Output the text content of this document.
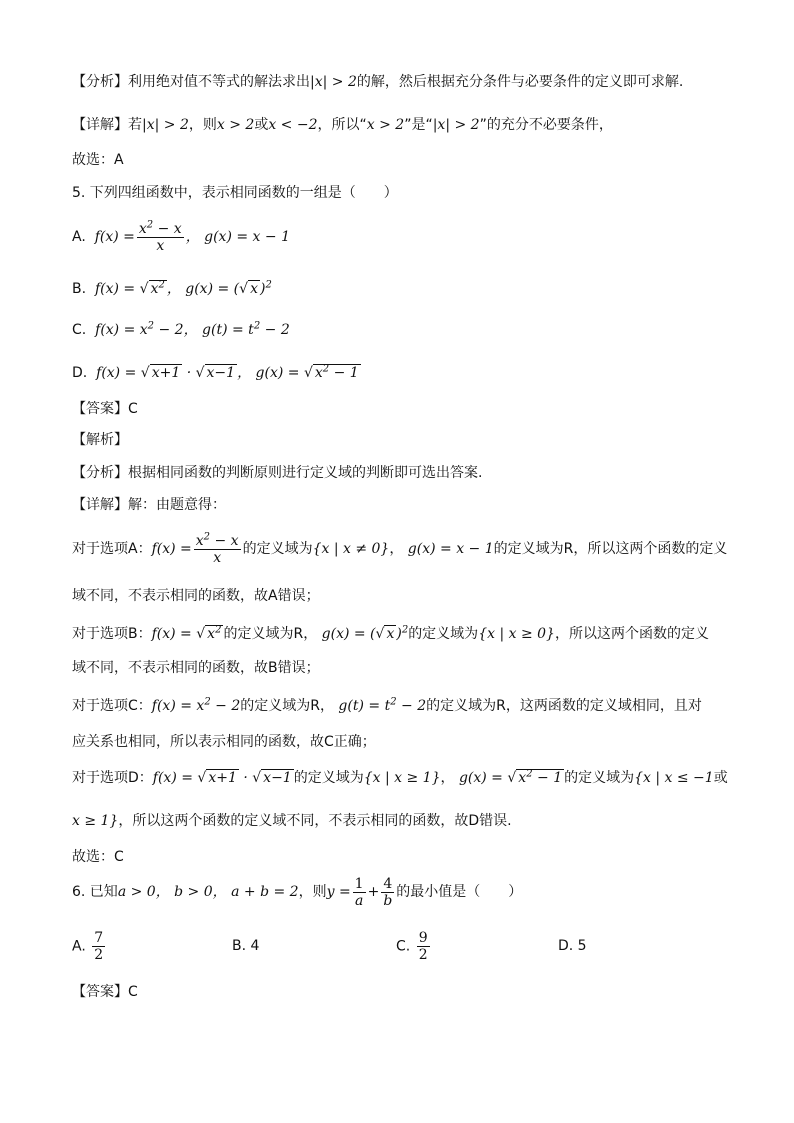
【分析】利用绝对值不等式的解法求出|x| > 2的解，然后根据充分条件与必要条件的定义即可求解.
【详解】若|x| > 2，则x > 2或x < −2，所以“x > 2”是“|x| > 2”的充分不必要条件，
故选：A
5. 下列四组函数中，表示相同函数的一组是（　　）
A. $f(x) = \frac{x^2 - x}{x}$ ， g(x) = x − 1
B. f(x) = √ $x^2$ ， g(x) = (√ x )$^2$
C. $f(x) = x^2 - 2$， $g(t) = t^2 - 2$
D. f(x) = √ x+1 · √ x−1 ， g(x) = √ $x^2 - 1$
【答案】C
【解析】
【分析】根据相同函数的判断原则进行定义域的判断即可选出答案.
【详解】解：由题意得：
对于选项A：$f(x) = \frac{x^2 - x}{x}$ 的定义域为{x | x ≠ 0}， g(x) = x − 1的定义域为R，所以这两个函数的定义
域不同，不表示相同的函数，故A错误；
对于选项B：f(x) = √ $x^2$ 的定义域为R， g(x) = (√ x )$^2$的定义域为{x | x ≥ 0}，所以这两个函数的定义
域不同，不表示相同的函数，故B错误；
对于选项C：$f(x) = x^2 - 2$的定义域为R， $g(t) = t^2 - 2$的定义域为R，这两函数的定义域相同，且对
应关系也相同，所以表示相同的函数，故C正确；
对于选项D：f(x) = √ x+1 · √ x−1 的定义域为{x | x ≥ 1}， g(x) = √ $x^2 - 1$ 的定义域为{x | x ≤ −1或
x ≥ 1}，所以这两个函数的定义域不同，不表示相同的函数，故D错误.
故选：C
6. 已知a > 0， b > 0， a + b = 2，则$y = \frac{1}{a} + \frac{4}{b}$ 的最小值是（　　）
A. $\frac{7}{2}$	B. 4	C. $\frac{9}{2}$	D. 5
【答案】C
